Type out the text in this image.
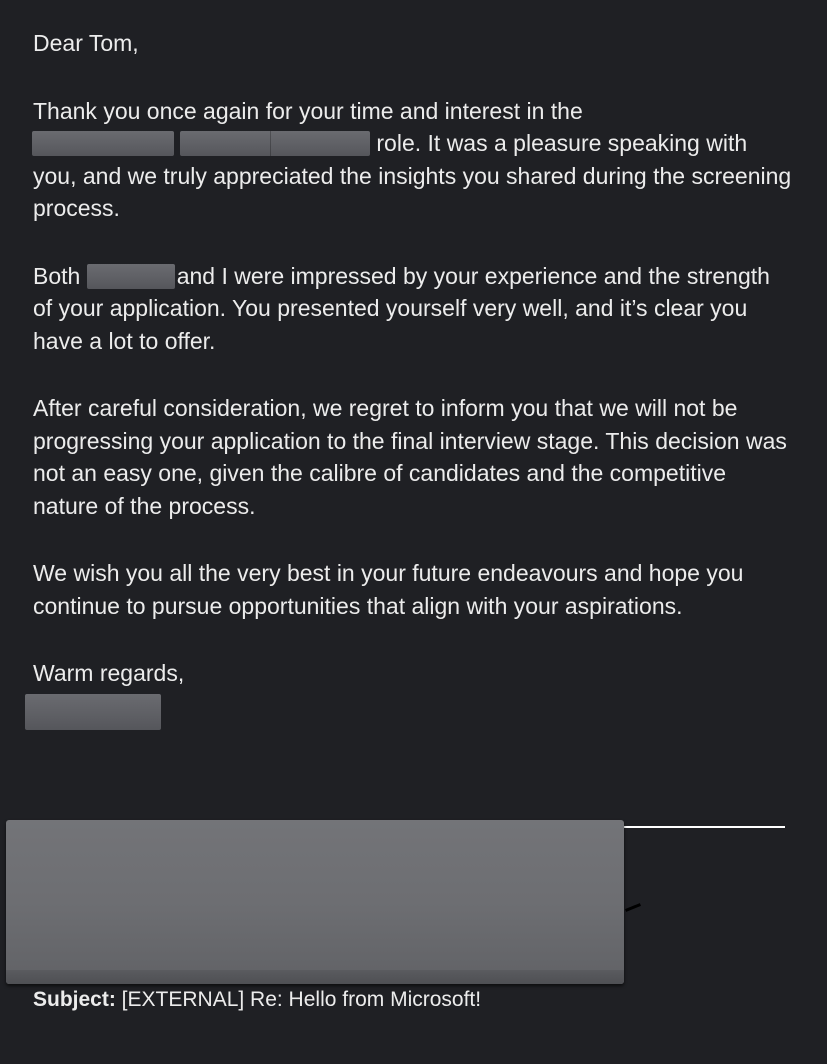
Dear Tom,

Thank you once again for your time and interest in the
role. It was a pleasure speaking with you, and we truly appreciated the insights you shared during the screening process.

Both	and I were impressed by your experience and the strength of your application. You presented yourself very well, and it’s clear you have a lot to offer.

After careful consideration, we regret to inform you that we will not be progressing your application to the final interview stage. This decision was not an easy one, given the calibre of candidates and the competitive nature of the process.

We wish you all the very best in your future endeavours and hope you continue to pursue opportunities that align with your aspirations.

Warm regards,

Subject: [EXTERNAL] Re: Hello from Microsoft!
